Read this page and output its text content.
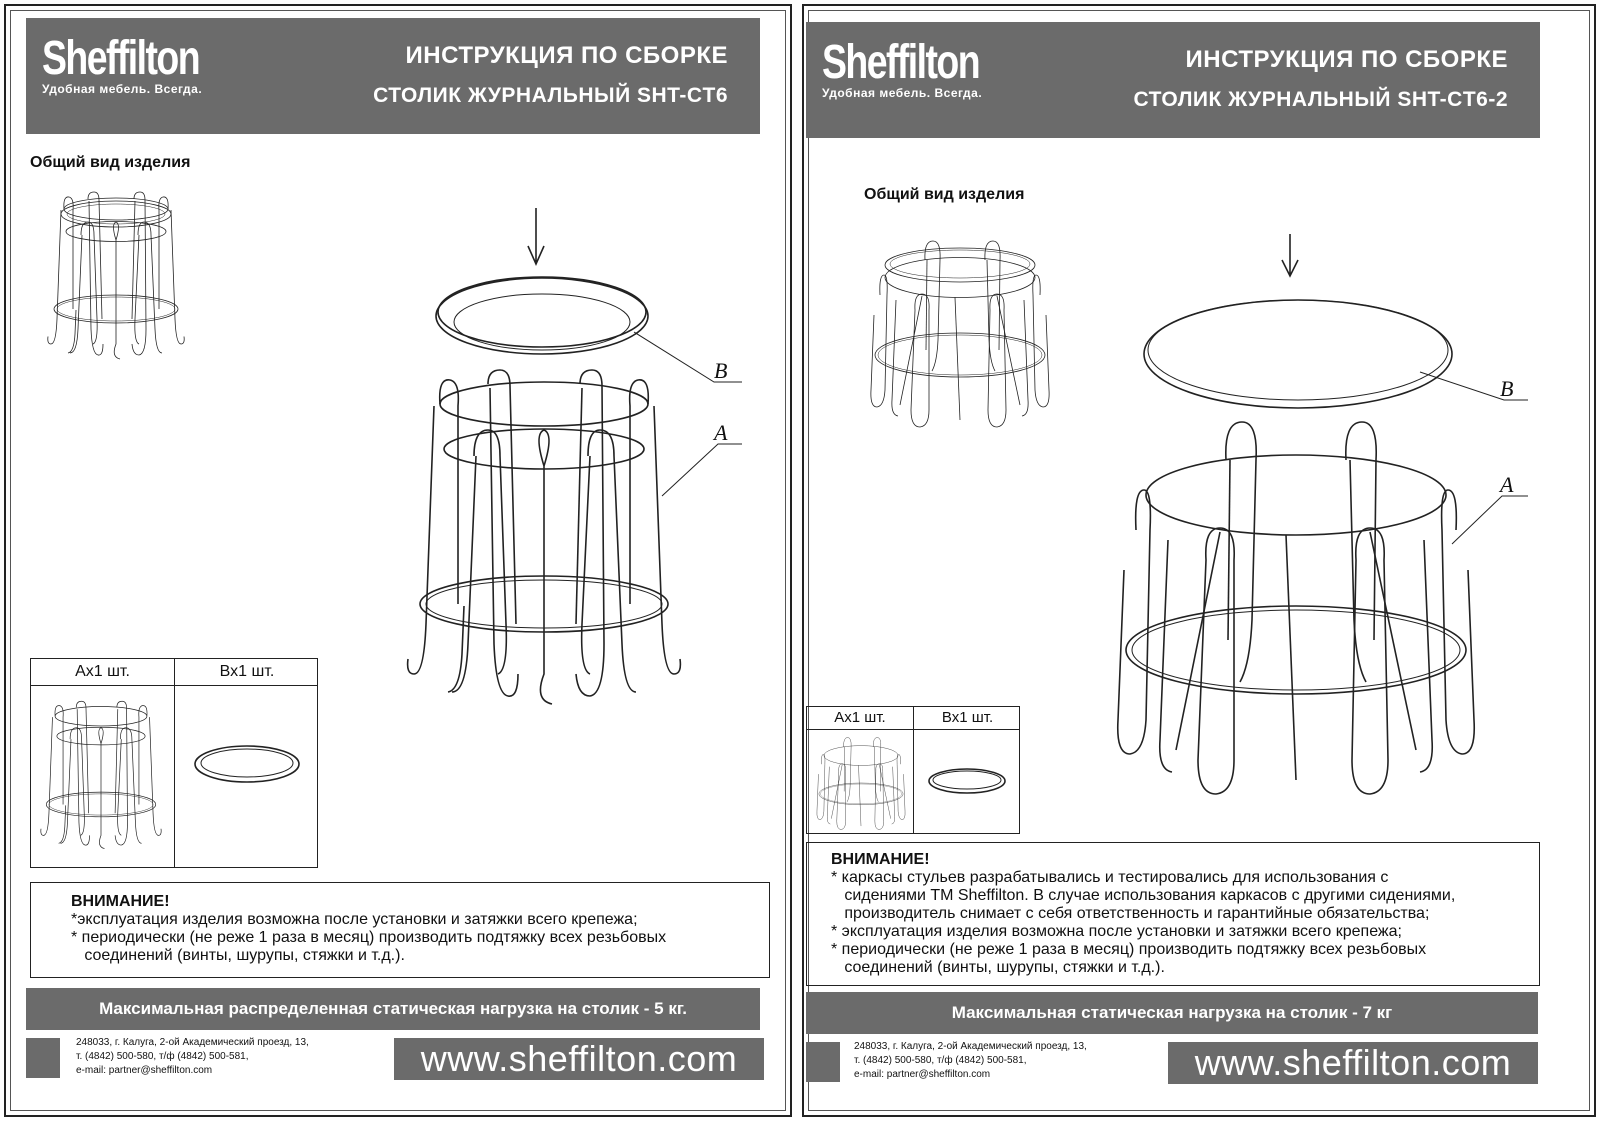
Sheffilton
Удобная мебель. Всегда.
ИНСТРУКЦИЯ ПО СБОРКЕ
СТОЛИК ЖУРНАЛЬНЫЙ SHT-CT6
Общий вид изделия
B
A
Ах1 шт.	Вх1 шт.
ВНИМАНИЕ!
*эксплуатация изделия возможна после установки и затяжки всего крепежа;
* периодически (не реже 1 раза в месяц) производить подтяжку всех резьбовых
соединений (винты, шурупы, стяжки и т.д.).
Максимальная распределенная статическая нагрузка на столик - 5 кг.
248033, г. Калуга, 2-ой Академический проезд, 13,
т. (4842) 500-580, т/ф (4842) 500-581,
e-mail: partner@sheffilton.com	www.sheffilton.com
Sheffilton
Удобная мебель. Всегда.
ИНСТРУКЦИЯ ПО СБОРКЕ
СТОЛИК ЖУРНАЛЬНЫЙ SHT-CT6-2
Общий вид изделия
B
A
Ах1 шт.	Вх1 шт.
ВНИМАНИЕ!
* каркасы стульев разрабатывались и тестировались для использования с
сидениями ТМ Sheffilton. В случае использования каркасов с другими сидениями,
производитель снимает с себя ответственность и гарантийные обязательства;
* эксплуатация изделия возможна после установки и затяжки всего крепежа;
* периодически (не реже 1 раза в месяц) производить подтяжку всех резьбовых
соединений (винты, шурупы, стяжки и т.д.).
Максимальная статическая нагрузка на столик - 7 кг
248033, г. Калуга, 2-ой Академический проезд, 13,
т. (4842) 500-580, т/ф (4842) 500-581,
e-mail: partner@sheffilton.com	www.sheffilton.com
